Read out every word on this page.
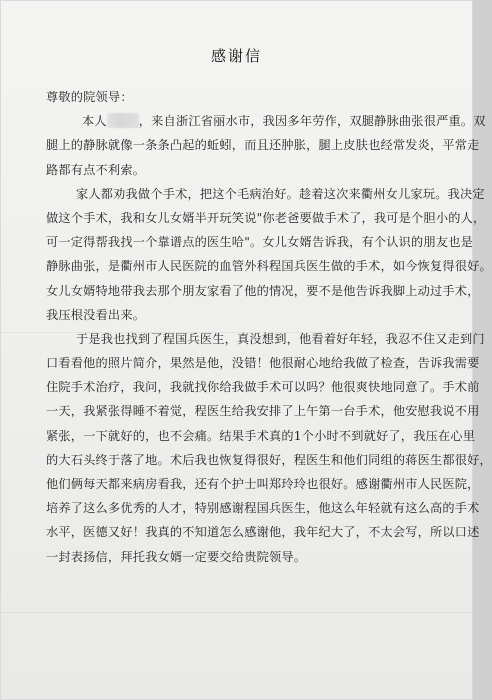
感谢信
尊敬的院领导：
本人	，来自浙江省丽水市，我因多年劳作，双腿静脉曲张很严重。双
腿上的静脉就像一条条凸起的蚯蚓，而且还肿胀，腿上皮肤也经常发炎，平常走
路都有点不利索。
家人都劝我做个手术，把这个毛病治好。趁着这次来衢州女儿家玩。我决定
做这个手术，我和女儿女婿半开玩笑说"你老爸要做手术了，我可是个胆小的人，
可一定得帮我找一个靠谱点的医生哈"。女儿女婿告诉我，有个认识的朋友也是
静脉曲张，是衢州市人民医院的血管外科程国兵医生做的手术，如今恢复得很好。
女儿女婿特地带我去那个朋友家看了他的情况，要不是他告诉我脚上动过手术，
我压根没看出来。
于是我也找到了程国兵医生，真没想到，他看着好年轻，我忍不住又走到门
口看看他的照片简介，果然是他，没错！他很耐心地给我做了检查，告诉我需要
住院手术治疗，我问，我就找你给我做手术可以吗？他很爽快地同意了。手术前
一天，我紧张得睡不着觉，程医生给我安排了上午第一台手术，他安慰我说不用
紧张，一下就好的，也不会痛。结果手术真的1个小时不到就好了，我压在心里
的大石头终于落了地。术后我也恢复得很好，程医生和他们同组的蒋医生都很好，
他们俩每天都来病房看我，还有个护士叫郑玲玲也很好。感谢衢州市人民医院，
培养了这么多优秀的人才，特别感谢程国兵医生，他这么年轻就有这么高的手术
水平，医德又好！我真的不知道怎么感谢他，我年纪大了，不太会写，所以口述
一封表扬信，拜托我女婿一定要交给贵院领导。
